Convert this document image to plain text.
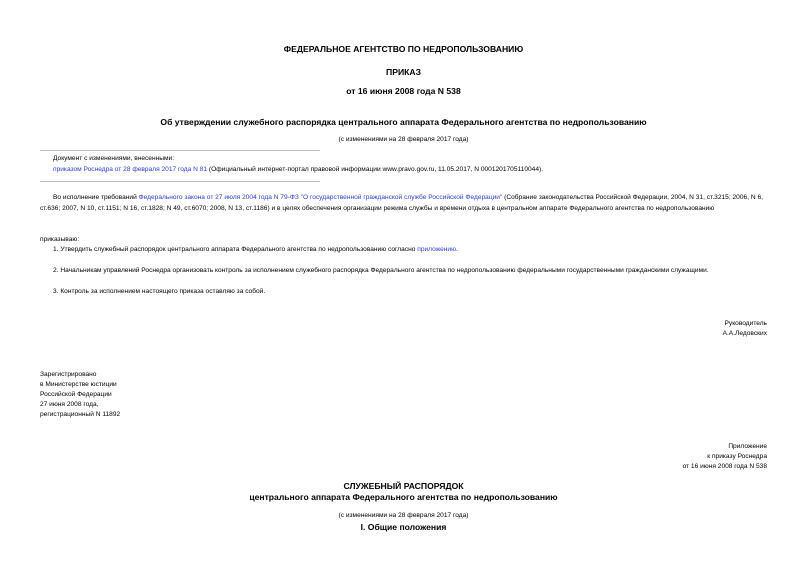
ФЕДЕРАЛЬНОЕ АГЕНТСТВО ПО НЕДРОПОЛЬЗОВАНИЮ
ПРИКАЗ
от 16 июня 2008 года N 538
Об утверждении служебного распорядка центрального аппарата Федерального агентства по недропользованию
(с изменениями на 28 февраля 2017 года)
Документ с изменениями, внесенными:
приказом Роснедра от 28 февраля 2017 года N 81 (Официальный интернет-портал правовой информации www.pravo.gov.ru, 11.05.2017, N 0001201705110044).
Во исполнение требований Федерального закона от 27 июля 2004 года N 79-ФЗ "О государственной гражданской службе Российской Федерации" (Собрание законодательства Российской Федерации, 2004, N 31, ст.3215; 2006, N 6, ст.636; 2007, N 10, ст.1151; N 16, ст.1828; N 49, ст.6070; 2008, N 13, ст.1186) и в целях обеспечения организации режима службы и времени отдыха в центральном аппарате Федерального агентства по недропользованию
приказываю:
1. Утвердить служебный распорядок центрального аппарата Федерального агентства по недропользованию согласно приложению.
2. Начальникам управлений Роснедра организовать контроль за исполнением служебного распорядка Федерального агентства по недропользованию федеральными государственными гражданскими служащими.
3. Контроль за исполнением настоящего приказа оставляю за собой.
Руководитель
А.А.Ледовских
Зарегистрировано
в Министерстве юстиции
Российской Федерации
27 июня 2008 года,
регистрационный N 11892
Приложение
к приказу Роснедра
от 16 июня 2008 года N 538
СЛУЖЕБНЫЙ РАСПОРЯДОК
центрального аппарата Федерального агентства по недропользованию
(с изменениями на 28 февраля 2017 года)
I. Общие положения
